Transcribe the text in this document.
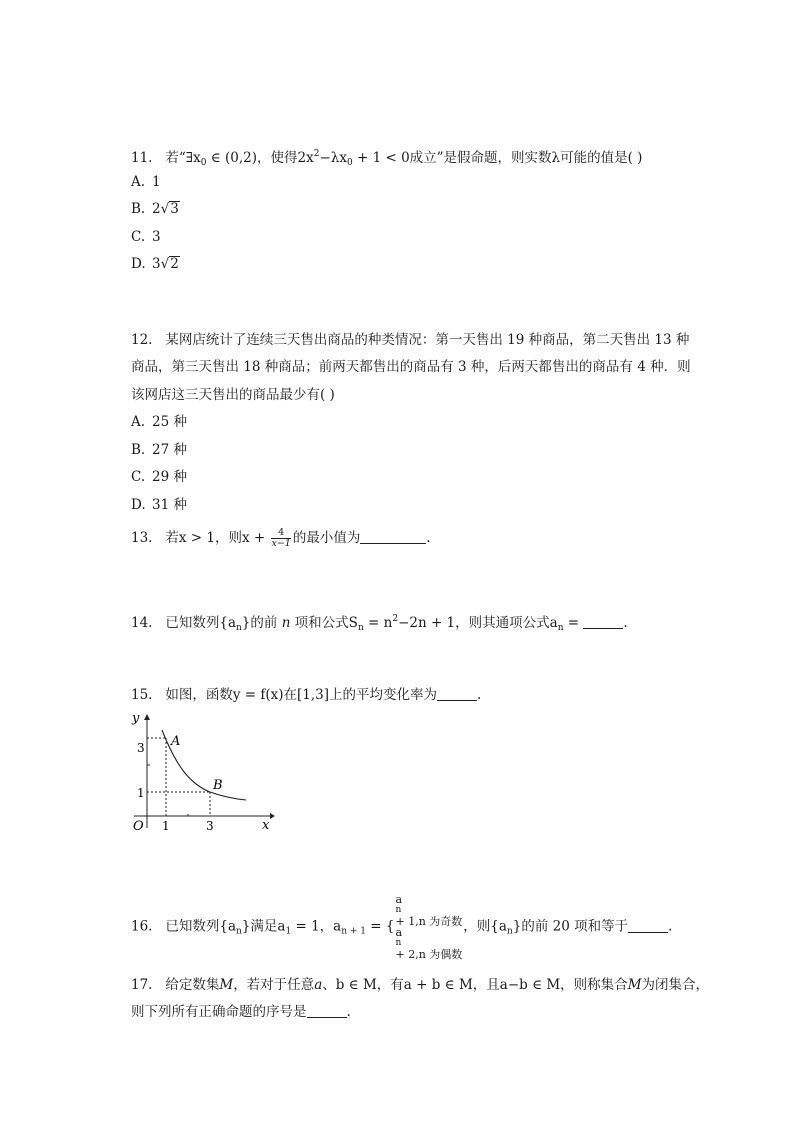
11. 若“$\exists x_0$ ∈ (0,2)，使得$2x^2-\lambda x_0 + 1 < 0$成立”是假命题，则实数λ可能的值是( )
A. 1
B. 2√3
C. 3
D. 3√2
12. 某网店统计了连续三天售出商品的种类情况：第一天售出 19 种商品，第二天售出 13 种
商品，第三天售出 18 种商品；前两天都售出的商品有 3 种，后两天都售出的商品有 4 种．则
该网店这三天售出的商品最少有( )
A. 25 种
B. 27 种
C. 29 种
D. 31 种
13. 若x > 1，则$x + \frac{4}{x-1}$ 的最小值为	.
14. 已知数列$\{a_n\}$的前 n 项和公式$S_n = n^2-2n + 1$，则其通项公式$a_n$ =	.
15. 如图，函数y = f(x)在[1,3]上的平均变化率为	.
y
x
O 1	3
3
1
A
B
16. 已知数列$\{a_n\}$满足$a_1 = 1$，$a_{n + 1}$ = {
a
n
+ 1,n 为奇数
a
n
+ 2,n 为偶数
，则$\{a_n\}$的前 20 项和等于	.
17. 给定数集M，若对于任意a、b ∈ M，有a + b ∈ M，且a−b ∈ M，则称集合M为闭集合，
则下列所有正确命题的序号是	.
